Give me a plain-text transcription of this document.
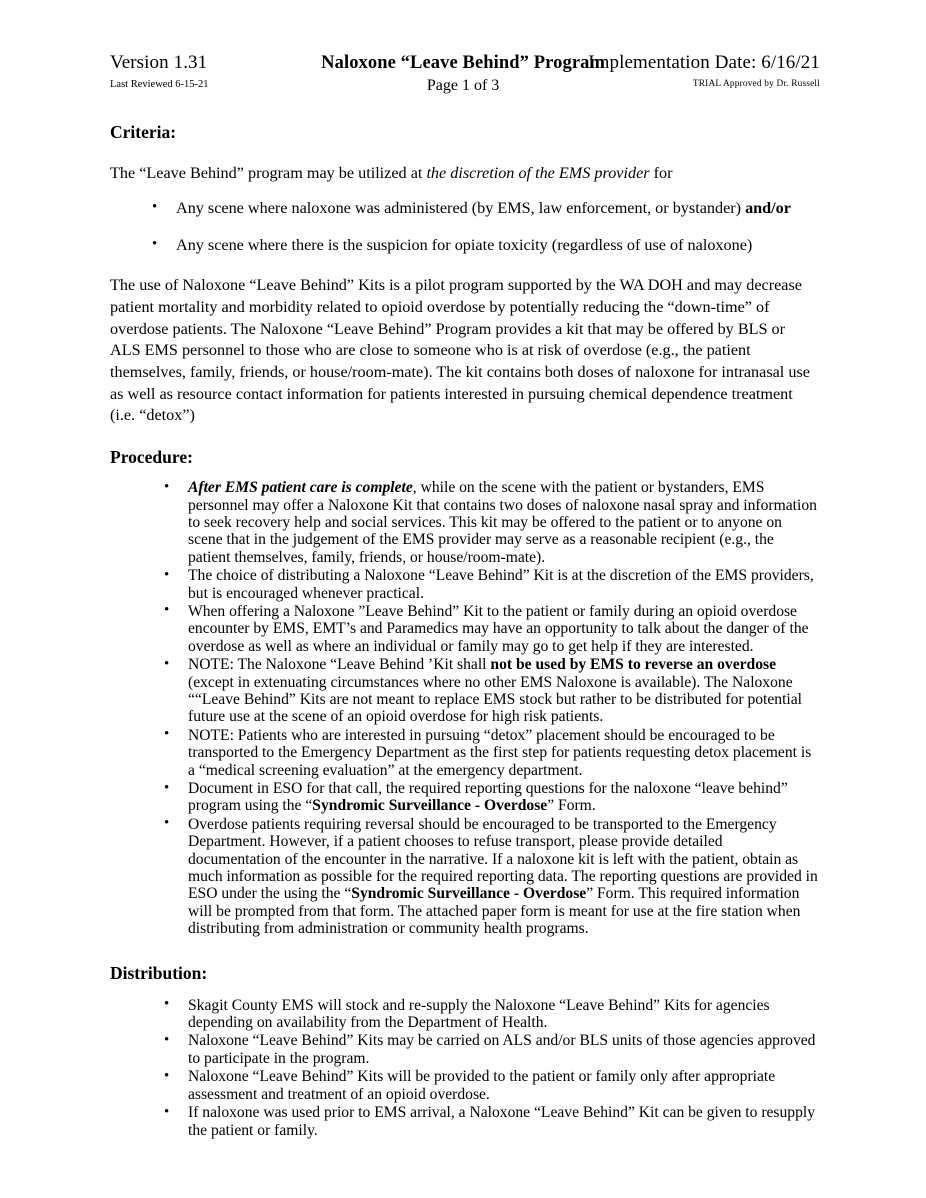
Version 1.31
Last Reviewed 6-15-21
Naloxone “Leave Behind” Program
Page 1 of 3
Implementation Date: 6/16/21
TRIAL Approved by Dr. Russell
Criteria:

The “Leave Behind” program may be utilized at the discretion of the EMS provider for

• Any scene where naloxone was administered (by EMS, law enforcement, or bystander) and/or
• Any scene where there is the suspicion for opiate toxicity (regardless of use of naloxone)

The use of Naloxone “Leave Behind” Kits is a pilot program supported by the WA DOH and may decrease patient mortality and morbidity related to opioid overdose by potentially reducing the “down-time” of overdose patients. The Naloxone “Leave Behind” Program provides a kit that may be offered by BLS or ALS EMS personnel to those who are close to someone who is at risk of overdose (e.g., the patient themselves, family, friends, or house/room-mate). The kit contains both doses of naloxone for intranasal use as well as resource contact information for patients interested in pursuing chemical dependence treatment (i.e. “detox”)

Procedure:
• After EMS patient care is complete, while on the scene with the patient or bystanders, EMS personnel may offer a Naloxone Kit that contains two doses of naloxone nasal spray and information to seek recovery help and social services. This kit may be offered to the patient or to anyone on scene that in the judgement of the EMS provider may serve as a reasonable recipient (e.g., the patient themselves, family, friends, or house/room-mate).
• The choice of distributing a Naloxone “Leave Behind” Kit is at the discretion of the EMS providers, but is encouraged whenever practical.
• When offering a Naloxone ”Leave Behind” Kit to the patient or family during an opioid overdose encounter by EMS, EMT’s and Paramedics may have an opportunity to talk about the danger of the overdose as well as where an individual or family may go to get help if they are interested.
• NOTE: The Naloxone “Leave Behind ’Kit shall not be used by EMS to reverse an overdose (except in extenuating circumstances where no other EMS Naloxone is available). The Naloxone ““Leave Behind” Kits are not meant to replace EMS stock but rather to be distributed for potential future use at the scene of an opioid overdose for high risk patients.
• NOTE: Patients who are interested in pursuing “detox” placement should be encouraged to be transported to the Emergency Department as the first step for patients requesting detox placement is a “medical screening evaluation” at the emergency department.
• Document in ESO for that call, the required reporting questions for the naloxone “leave behind” program using the “Syndromic Surveillance - Overdose” Form.
• Overdose patients requiring reversal should be encouraged to be transported to the Emergency Department. However, if a patient chooses to refuse transport, please provide detailed documentation of the encounter in the narrative. If a naloxone kit is left with the patient, obtain as much information as possible for the required reporting data. The reporting questions are provided in ESO under the using the “Syndromic Surveillance - Overdose” Form. This required information will be prompted from that form. The attached paper form is meant for use at the fire station when distributing from administration or community health programs.
Distribution:
• Skagit County EMS will stock and re-supply the Naloxone “Leave Behind” Kits for agencies depending on availability from the Department of Health.
• Naloxone “Leave Behind” Kits may be carried on ALS and/or BLS units of those agencies approved to participate in the program.
• Naloxone “Leave Behind” Kits will be provided to the patient or family only after appropriate assessment and treatment of an opioid overdose.
• If naloxone was used prior to EMS arrival, a Naloxone “Leave Behind” Kit can be given to resupply the patient or family.
